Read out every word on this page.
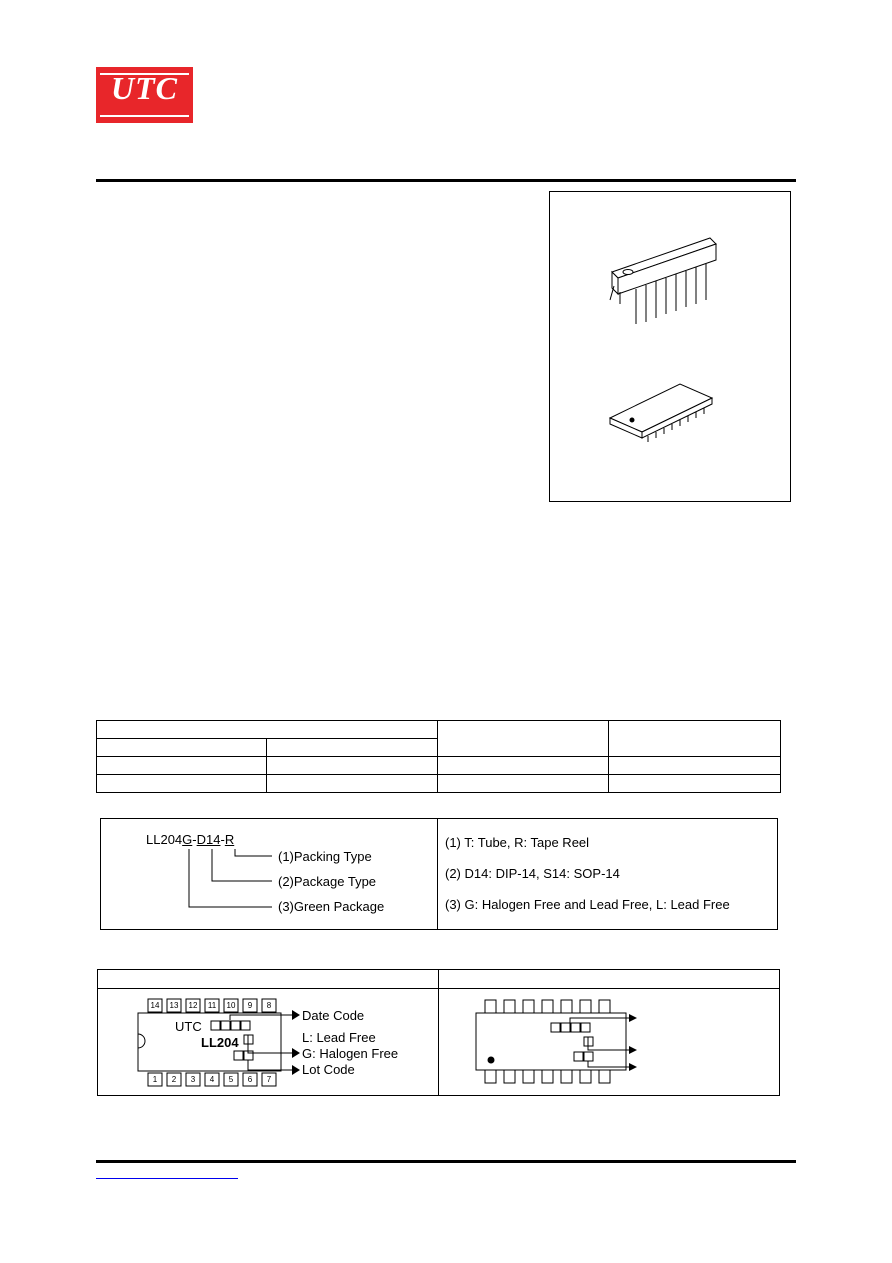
UTC

LL204G-D14-R
(1)Packing Type
(2)Package Type
(3)Green Package
(1) T: Tube, R: Tape Reel
(2) D14: DIP-14, S14: SOP-14
(3) G: Halogen Free and Lead Free, L: Lead Free
14	13	12	11	10	9	8
1	2	3	4	5	6	7
UTC
LL204
Date Code
L: Lead Free
G: Halogen Free
Lot Code
